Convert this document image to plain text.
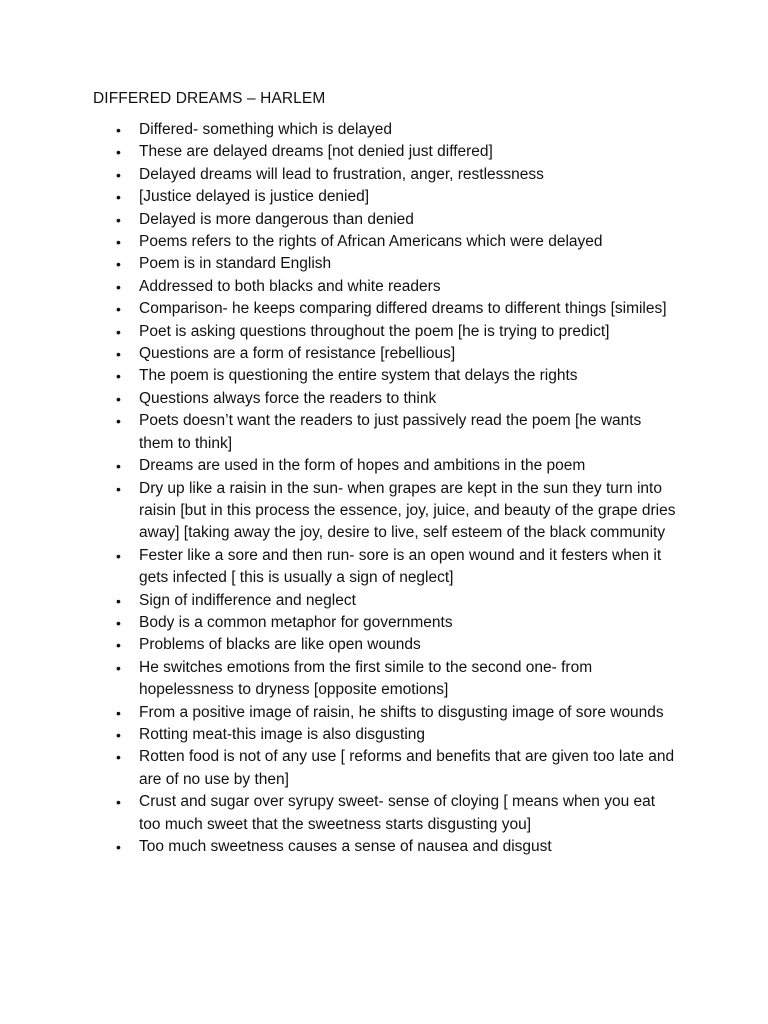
DIFFERED DREAMS – HARLEM
•	Differed- something which is delayed
•	These are delayed dreams [not denied just differed]
•	Delayed dreams will lead to frustration, anger, restlessness
•	[Justice delayed is justice denied]
•	Delayed is more dangerous than denied
•	Poems refers to the rights of African Americans which were delayed
•	Poem is in standard English
•	Addressed to both blacks and white readers
•	Comparison- he keeps comparing differed dreams to different things [similes]
•	Poet is asking questions throughout the poem [he is trying to predict]
•	Questions are a form of resistance [rebellious]
•	The poem is questioning the entire system that delays the rights
•	Questions always force the readers to think
•	Poets doesn’t want the readers to just passively read the poem [he wants them to think]
•	Dreams are used in the form of hopes and ambitions in the poem
•	Dry up like a raisin in the sun- when grapes are kept in the sun they turn into raisin [but in this process the essence, joy, juice, and beauty of the grape dries away] [taking away the joy, desire to live, self esteem of the black community
•	Fester like a sore and then run- sore is an open wound and it festers when it gets infected [ this is usually a sign of neglect]
•	Sign of indifference and neglect
•	Body is a common metaphor for governments
•	Problems of blacks are like open wounds
•	He switches emotions from the first simile to the second one- from hopelessness to dryness [opposite emotions]
•	From a positive image of raisin, he shifts to disgusting image of sore wounds
•	Rotting meat-this image is also disgusting
•	Rotten food is not of any use [ reforms and benefits that are given too late and are of no use by then]
•	Crust and sugar over syrupy sweet- sense of cloying [ means when you eat too much sweet that the sweetness starts disgusting you]
•	Too much sweetness causes a sense of nausea and disgust
